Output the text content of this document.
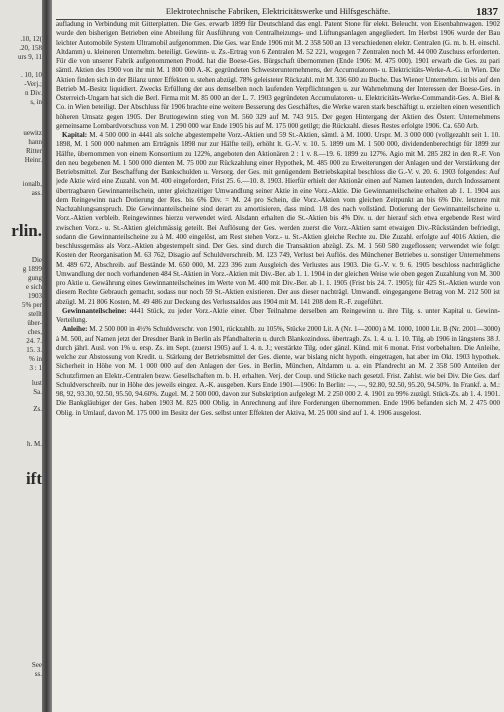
.10, 12(
.20, 158
urs 9, 11
. 10, 10
-Verj.;
n Div.
s, in
uewitz
hann
Ritter
Heinr.
ionalb,
ass.
rlin.
Die
g 1899
gung
e sich
1903
5% per
stellt
über-
ches,
24. 7.
15. 3.
% in
3 : 1
lust
Sa.
Zs.
h. M.
ift
See
ss.
Elektrotechnische Fabriken, Elektricitätswerke und Hilfsgeschäfte.	1837

aufladung in Verbindung mit Gitterplatten. Die Ges. erwarb 1899 für Deutschland das engl. Patent Stone für elekt. Beleucht. von Eisenbahnwagen. 1902 wurde den bisherigen Betrieben eine Abteilung für Ausführung von Centralheizungs- und Lüftungsanlagen angegliedert. Im Herbst 1906 wurde der Bau leichter Automobile System Ultramobil aufgenommen. Die Ges. war Ende 1906 mit M. 2 358 500 an 13 verschiedenen elektr. Centralen (G. m. b. H. einschl. Altdamm) u. kleineren Unternehm. beteiligt. Gewinn- u. Zs.-Ertrag von 6 Zentralen M. 52 221, wogegen 7 Zentralen noch M. 44 000 Zuschuss erforderten. Für die von unserer Fabrik aufgenommenen Prodd. hat die Boese-Ges. Bürgschaft übernommen (Ende 1906: M. 475 000). 1901 erwarb die Ges. zu pari sämtl. Aktien des 1900 von ihr mit M. 1 800 000 A.-K. gegründeten Schwesterunternehmens, der Accumulatoren- u. Elektricitäts-Werke-A.-G. in Wien. Die Aktien finden sich in der Bilanz unter Effekten u. stehen abzügl. 78% geleisteter Rückzahl. mit M. 336 600 zu Buche. Das Wiener Unternehm. ist bis auf den Betrieb M.-Besitz liquidiert. Zwecks Erfüllung der aus demselben noch laufenden Verpflichtungen u. zur Wahrnehmung der Interessen der Boese-Ges. in Österreich-Ungarn hat sich die Berl. Firma mit M. 85 000 an der L. 7. 1903 gegründeten Accumulatoren- u. Elektricitäts-Werke-Commandit-Ges. A. Biel & Co. in Wien beteiligt. Der Abschluss für 1906 brachte eine weitere Besserung des Geschäftes, die Werke waren stark beschäftigt u. erzielten einen wesentlich höheren Umsatz gegen 1905. Der Bruttogewinn stieg von M. 560 329 auf M. 743 915. Der gegen Hintergang der Aktien des Österr. Unternehmens gemeinsame Lombardvorschuss von M. 1 290 000 war Ende 1905 bis auf M. 175 000 getilgt; die Rückzahl. dieses Restes erfolgte 1906. Ca. 650 Arb.

Kapital: M. 4 500 000 in 4441 als solche abgestempelte Vorz.-Aktien und 59 St.-Aktien, sämtl. à M. 1000. Urspr. M. 3 000 000 (vollgezahlt seit 1. 10. 1898, M. 1 500 000 nahmen am Erträgnis 1898 nur zur Hälfte teil), erhöht lt. G.-V. v. 10. 5. 1899 um M. 1 500 000, dividendenberechtigt für 1899 zur Hälfte, übernommen von einem Konsortium zu 122%, angeboten den Aktionären 2 : 1 v. 8.—19. 6. 1899 zu 127%. Agio mit M. 285 282 in den R.-F. Von den neu begebenen M. 1 500 000 dienten M. 75 000 zur Rückzahlung einer Hypothek, M. 485 000 zu Erweiterungen der Anlagen und der Verstärkung der Betriebsmittel. Zur Beschaffung der Bankschulden u. Versorg. der Ges. mit genügendem Betriebskapital beschloss die G.-V. v. 20. 6. 1903 folgendes: Auf jede Aktie wird eine Zuzahl. von M. 400 eingefordert, Frist 25. 6.—10. 8. 1903. Hierfür erhielt der Aktionär einen auf Namen lautenden, durch Indossament übertragbaren Gewinnanteilschein, unter gleichzeitiger Umwandlung seiner Aktie in eine Vorz.-Aktie. Die Gewinnanteilscheine erhalten ab 1. 1. 1904 aus dem Reingewinn nach Dotierung der Res. bis 6% Div. = M. 24 pro Schein, die Vorz.-Aktien vom gleichen Zeitpunkt an bis 6% Div. letztere mit Nachzahlungsanspruch. Die Gewinnanteilscheine sind derart zu amortisieren, dass mind. 1/8 des nach vollständ. Dotierung der Gewinnanteilscheine u. Vorz.-Aktien verbleib. Reingewinnes hierzu verwendet wird. Alsdann erhalten die St.-Aktien bis 4% Div. u. der hierauf sich etwa ergebende Rest wird zwischen Vorz.- u. St.-Aktien gleichmässig geteilt. Bei Auflösung der Ges. werden zuerst die Vorz.-Aktien samt etwaigen Div.-Rückständen befriedigt, sodann die Gewinnanteilscheine zu à M. 400 eingelöst, am Rest stehen Vorz.- u. St.-Aktien gleiche Rechte zu. Die Zuzahl. erfolgte auf 4016 Aktien, die beschlussgemäss als Vorz.-Aktien abgestempelt sind. Der Ges. sind durch die Transaktion abzügl. Zs. M. 1 560 580 zugeflossen; verwendet wie folgt: Kosten der Reorganisation M. 63 762, Disagio auf Schuldverschreib. M. 123 749, Verlust bei Auflös. des Münchener Betriebes u. sonstiger Unternehmens M. 489 672, Abschreib. auf Bestände M. 650 000, M. 223 396 zum Ausgleich des Verlustes aus 1903. Die G.-V. v. 9. 6. 1905 beschloss nachträgliche Umwandlung der noch vorhandenen 484 St.-Aktien in Vorz.-Aktien mit Div.-Ber. ab 1. 1. 1904 in der gleichen Weise wie oben gegen Zuzahlung von M. 300 pro Aktie u. Gewährung eines Gewinnanteilscheines im Werte von M. 400 mit Div.-Ber. ab 1. 1. 1905 (Frist bis 24. 7. 1905); für 425 St.-Aktien wurde von diesem Rechte Gebrauch gemacht, sodass nur noch 59 St.-Aktien existieren. Der aus dieser nachträgl. Umwandl. eingegangene Betrag von M. 212 500 ist abzügl. M. 21 806 Kosten, M. 49 486 zur Deckung des Verlustsaldos aus 1904 mit M. 141 208 dem R.-F. zugeführt.

Gewinnanteilscheine: 4441 Stück, zu jeder Vorz.-Aktie einer. Über Teilnahme derselben am Reingewinn u. ihre Tilg. s. unter Kapital u. Gewinn-Verteilung.

Anleihe: M. 2 500 000 in 4½% Schuldverschr. von 1901, rückzahlb. zu 105%, Stücke 2000 Lit. A (Nr. 1—2000) à M. 1000, 1000 Lit. B (Nr. 2001—3000) à M. 500, auf Namen jetzt der Dresdner Bank in Berlin als Pfandhalterin u. durch Blankozindoss. übertragb. Zs. 1. 4. u. 1. 10. Tilg. ab 1906 in längstens 38 J. durch jährl. Ausl. von 1% u. ersp. Zs. im Sept. (zuerst 1905) auf 1. 4. n. J.; verstärkte Tilg. oder gänzl. Künd. mit 6 monat. Frist vorbehalten. Die Anleihe, welche zur Abstossung von Kredit. u. Stärkung der Betriebsmittel der Ges. diente, war bislang nicht hypoth. eingetragen, hat aber im Okt. 1903 hypothek. Sicherheit in Höhe von M. 1 000 000 auf den Anlagen der Ges. in Berlin, München, Altdamm u. a. ein Pfandrecht an M. 2 358 500 Anteilen der Schutzfirmen an Elektr.-Centralen bezw. Gesellschaften m. b. H. erhalten. Verj. der Coup. und Stücke nach gesetzl. Frist. Zahlst. wie bei Div. Die Ges. darf Schuldverschreib. nur in Höhe des jeweils eingez. A.-K. ausgeben. Kurs Ende 1901—1906: In Berlin: —, —, 92.80, 92.50, 95.20, 94.50%. In Frankf. a. M.: 98, 92, 93.30, 92.50, 95.50, 94.60%. Zugel. M. 2 500 000, davon zur Subskription aufgelegt M. 2 250 000 2. 4. 1901 zu 99% zuzügl. Stück-Zs. ab 1. 4. 1901. Die Bankgläubiger der Ges. haben 1903 M. 825 000 Oblig. in Anrechnung auf ihre Forderungen übernommen. Ende 1906 befanden sich M. 2 475 000 Oblig. in Umlauf, davon M. 175 000 im Besitz der Ges. selbst unter Effekten der Aktiva, M. 25 000 sind auf 1. 4. 1906 ausgelost.
